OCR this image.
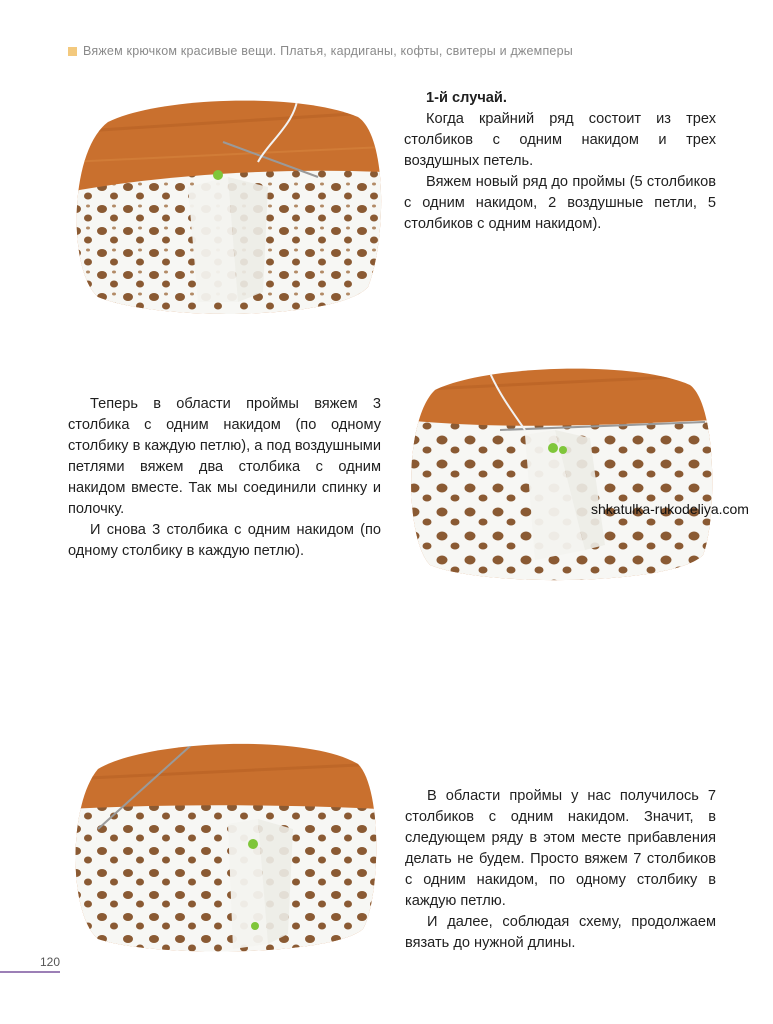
Вяжем крючком красивые вещи. Платья, кардиганы, кофты, свитеры и джемперы

1-й случай.

Когда крайний ряд состоит из трех столбиков с одним накидом и трех воздушных петель.

Вяжем новый ряд до проймы (5 столбиков с одним накидом, 2 воздушные петли, 5 столбиков с одним накидом).

Теперь в области проймы вяжем 3 столбика с одним накидом (по одному столбику в каждую петлю), а под воздушными петлями вяжем два столбика с одним накидом вместе. Так мы соединили спинку и полочку.

И снова 3 столбика с одним накидом (по одному столбику в каждую петлю).

shkatulka-rukodeliya.com

В области проймы у нас получилось 7 столбиков с одним накидом. Значит, в следующем ряду в этом месте прибавления делать не будем. Просто вяжем 7 столбиков с одним накидом, по одному столбику в каждую петлю.

И далее, соблюдая схему, продолжаем вязать до нужной длины.

120
